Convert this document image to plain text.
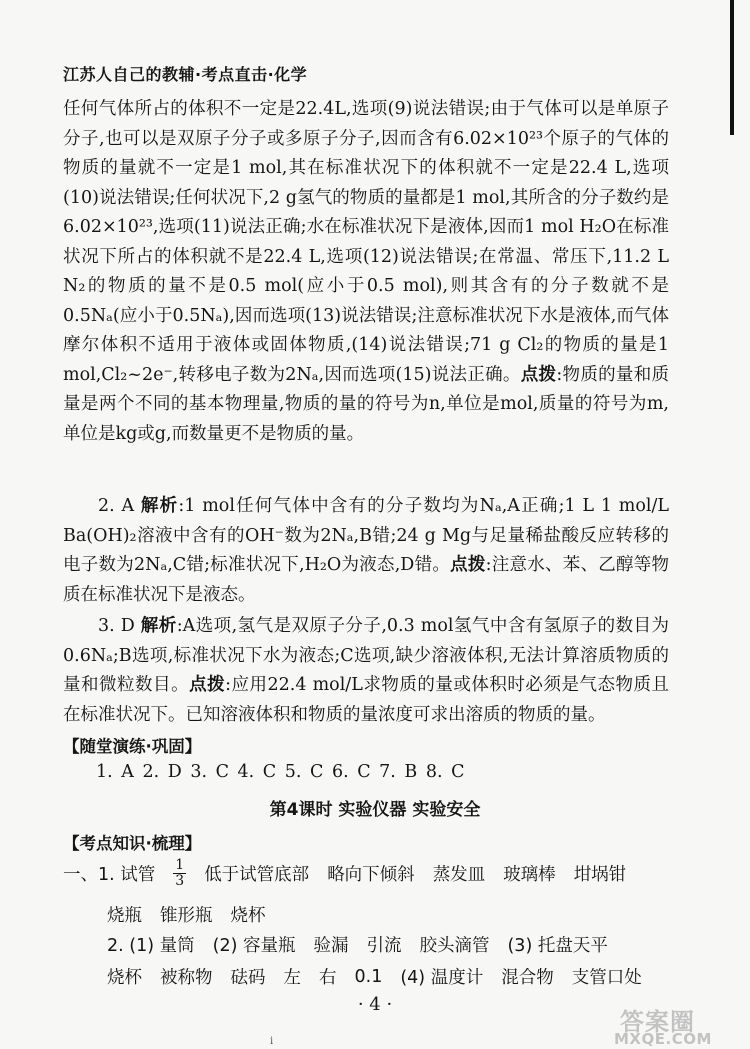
江苏人自己的教辅·考点直击·化学

任何气体所占的体积不一定是22.4L,选项(9)说法错误;由于气体可以是单原子分子,也可以是双原子分子或多原子分子,因而含有6.02×10²³个原子的气体的物质的量就不一定是1 mol,其在标准状况下的体积就不一定是22.4 L,选项(10)说法错误;任何状况下,2 g氢气的物质的量都是1 mol,其所含的分子数约是6.02×10²³,选项(11)说法正确;水在标准状况下是液体,因而1 mol H₂O在标准状况下所占的体积就不是22.4 L,选项(12)说法错误;在常温、常压下,11.2 L N₂的物质的量不是0.5 mol(应小于0.5 mol),则其含有的分子数就不是0.5Nₐ(应小于0.5Nₐ),因而选项(13)说法错误;注意标准状况下水是液体,而气体摩尔体积不适用于液体或固体物质,(14)说法错误;71 g Cl₂的物质的量是1 mol,Cl₂~2e⁻,转移电子数为2Nₐ,因而选项(15)说法正确。点拨:物质的量和质量是两个不同的基本物理量,物质的量的符号为n,单位是mol,质量的符号为m,单位是kg或g,而数量更不是物质的量。

2. A 解析:1 mol任何气体中含有的分子数均为Nₐ,A正确;1 L 1 mol/L Ba(OH)₂溶液中含有的OH⁻数为2Nₐ,B错;24 g Mg与足量稀盐酸反应转移的电子数为2Nₐ,C错;标准状况下,H₂O为液态,D错。点拨:注意水、苯、乙醇等物质在标准状况下是液态。

3. D 解析:A选项,氢气是双原子分子,0.3 mol氢气中含有氢原子的数目为0.6Nₐ;B选项,标准状况下水为液态;C选项,缺少溶液体积,无法计算溶质物质的量和微粒数目。点拨:应用22.4 mol/L求物质的量或体积时必须是气态物质且在标准状况下。已知溶液体积和物质的量浓度可求出溶质的物质的量。

【随堂演练·巩固】
1. A 2. D 3. C 4. C 5. C 6. C 7. B 8. C
第4课时 实验仪器 实验安全
【考点知识·梳理】
一、1. 试管 $\frac{1}{3}$ 低于试管底部 略向下倾斜 蒸发皿 玻璃棒 坩埚钳
烧瓶 锥形瓶 烧杯
2. (1) 量筒 (2) 容量瓶 验漏 引流 胶头滴管 (3) 托盘天平
烧杯 被称物 砝码 左 右 0.1 (4) 温度计 混合物 支管口处
· 4 ·
i
答案圈
MXQE.COM
